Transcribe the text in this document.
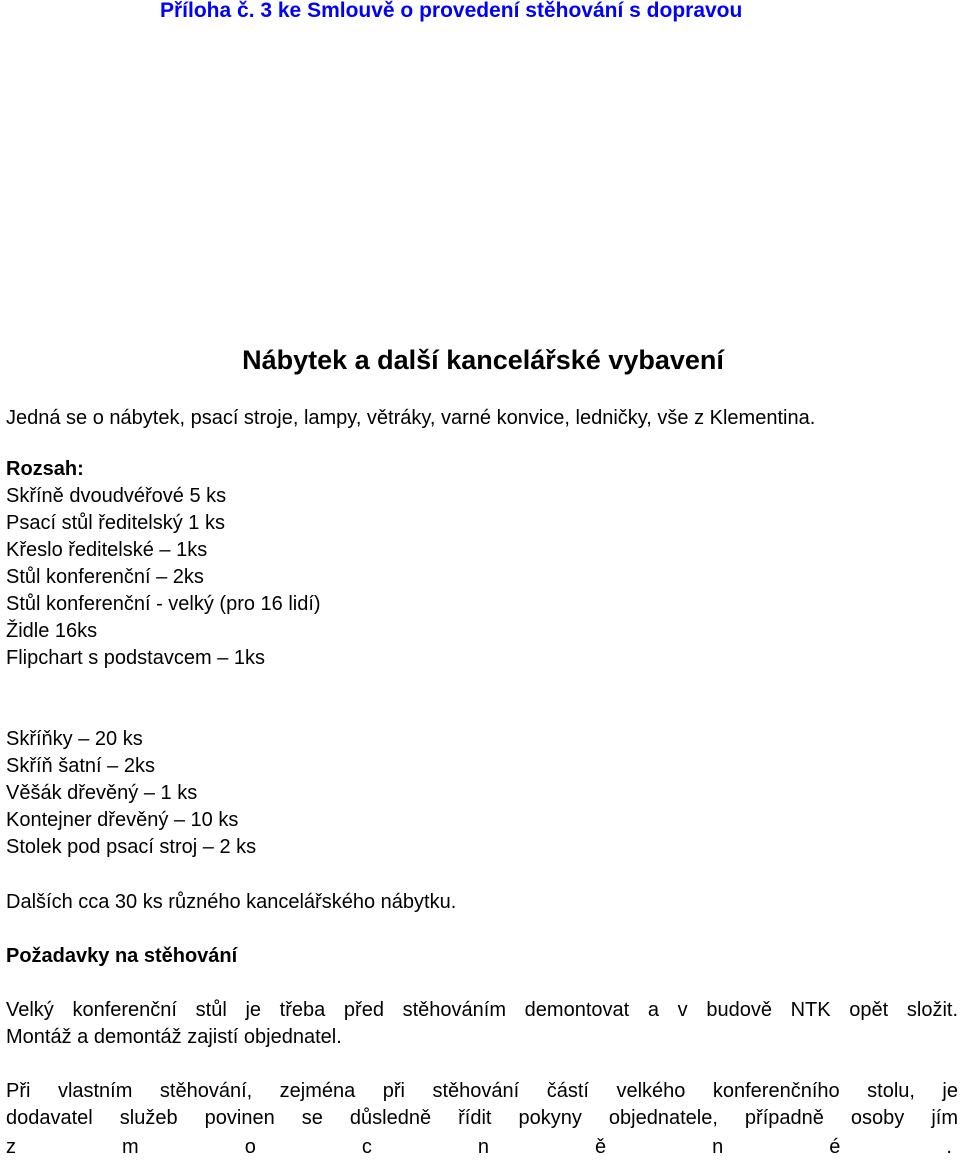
Příloha č. 3 ke Smlouvě o provedení stěhování s dopravou
Nábytek a další kancelářské vybavení
Jedná se o nábytek, psací stroje, lampy, větráky, varné konvice, ledničky, vše z Klementina.
Rozsah:
Skříně dvoudvéřové 5 ks
Psací stůl ředitelský 1 ks
Křeslo ředitelské – 1ks
Stůl konferenční – 2ks
Stůl konferenční - velký (pro 16 lidí)
Židle 16ks
Flipchart s podstavcem – 1ks
Skříňky – 20 ks
Skříň šatní – 2ks
Věšák dřevěný – 1 ks
Kontejner dřevěný – 10 ks
Stolek pod psací stroj – 2 ks
Dalších cca 30 ks různého kancelářského nábytku.
Požadavky na stěhování
Velký konferenční stůl je třeba před stěhováním demontovat a v budově NTK opět složit.
Montáž a demontáž zajistí objednatel.
Při vlastním stěhování, zejména při stěhování částí velkého konferenčního stolu, je
dodavatel služeb povinen se důsledně řídit pokyny objednatele, případně osoby jím
z	m	o	c	n	ě	n	é	.
